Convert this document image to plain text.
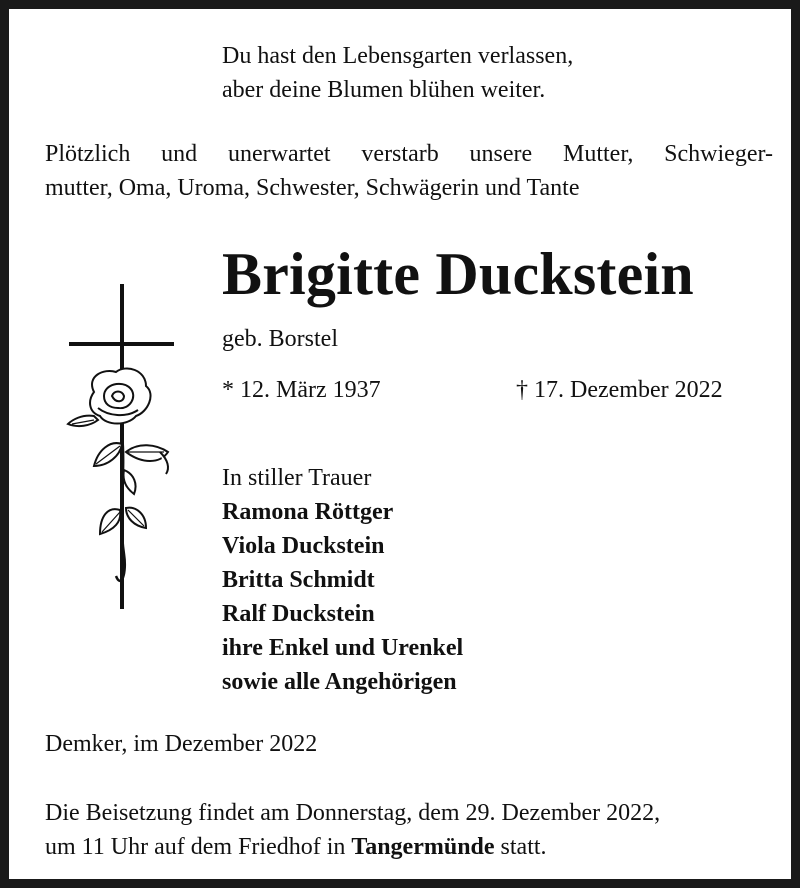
Du hast den Lebensgarten verlassen,
aber deine Blumen blühen weiter.
Plötzlich und unerwartet verstarb unsere Mutter, Schwieger-
mutter, Oma, Uroma, Schwester, Schwägerin und Tante
Brigitte Duckstein
geb. Borstel
* 12. März 1937	† 17. Dezember 2022
In stiller Trauer
Ramona Röttger
Viola Duckstein
Britta Schmidt
Ralf Duckstein
ihre Enkel und Urenkel
sowie alle Angehörigen
Demker, im Dezember 2022
Die Beisetzung findet am Donnerstag, dem 29. Dezember 2022,
um 11 Uhr auf dem Friedhof in Tangermünde statt.
